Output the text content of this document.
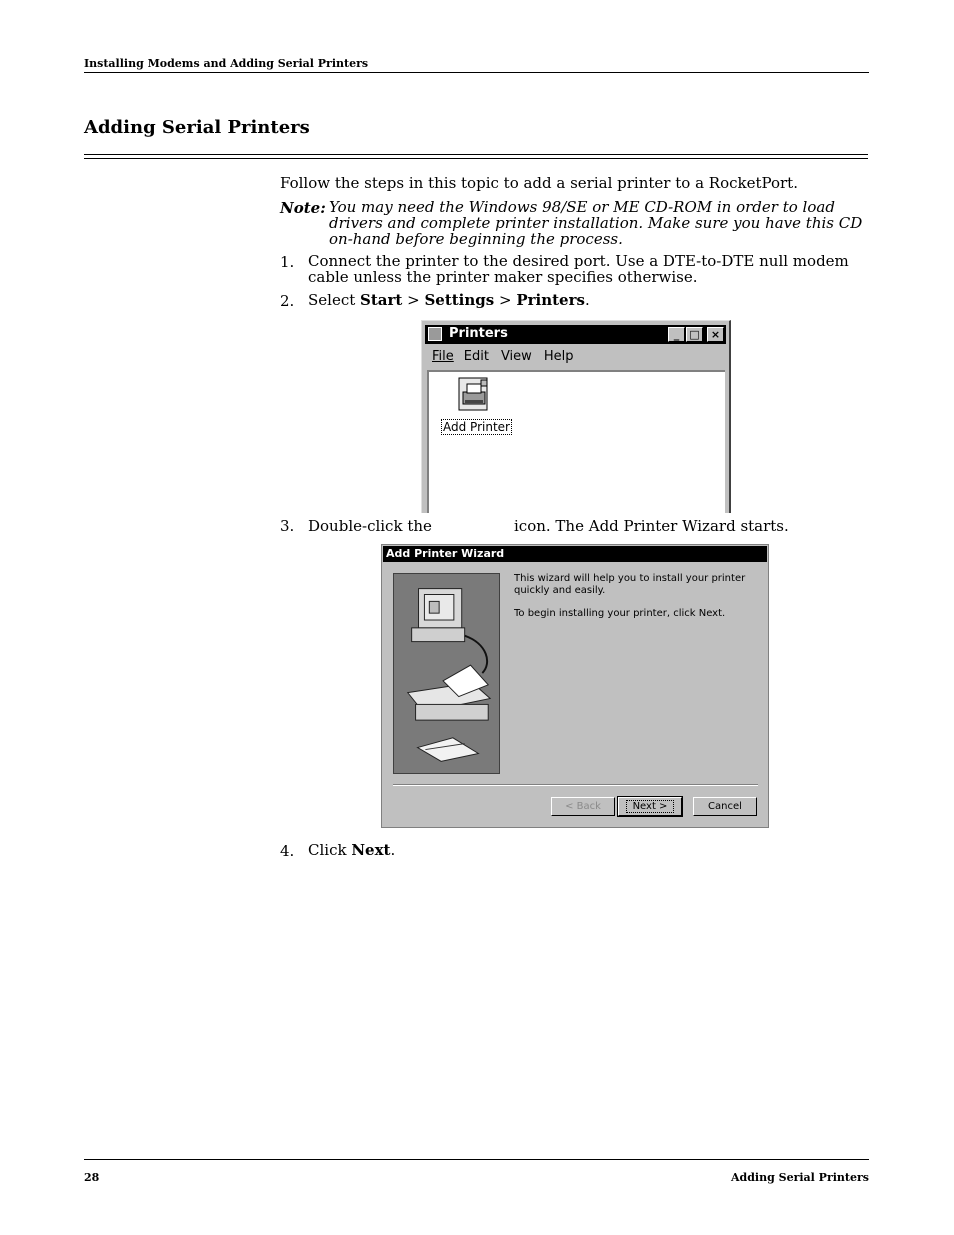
Installing Modems and Adding Serial Printers
Adding Serial Printers
Follow the steps in this topic to add a serial printer to a RocketPort.
Note: You may need the Windows 98/SE or ME CD-ROM in order to load drivers and complete printer installation. Make sure you have this CD on-hand before beginning the process.
1. Connect the printer to the desired port. Use a DTE-to-DTE null modem cable unless the printer maker specifies otherwise.
2. Select Start > Settings > Printers.
Printers	_ □	×
File Edit View Help
Add Printer
3. Double-click the	icon. The Add Printer Wizard starts.
Add Printer Wizard
This wizard will help you to install your printer quickly and easily.
To begin installing your printer, click Next.
< Back	Next >	Cancel
4. Click Next.
28	Adding Serial Printers
